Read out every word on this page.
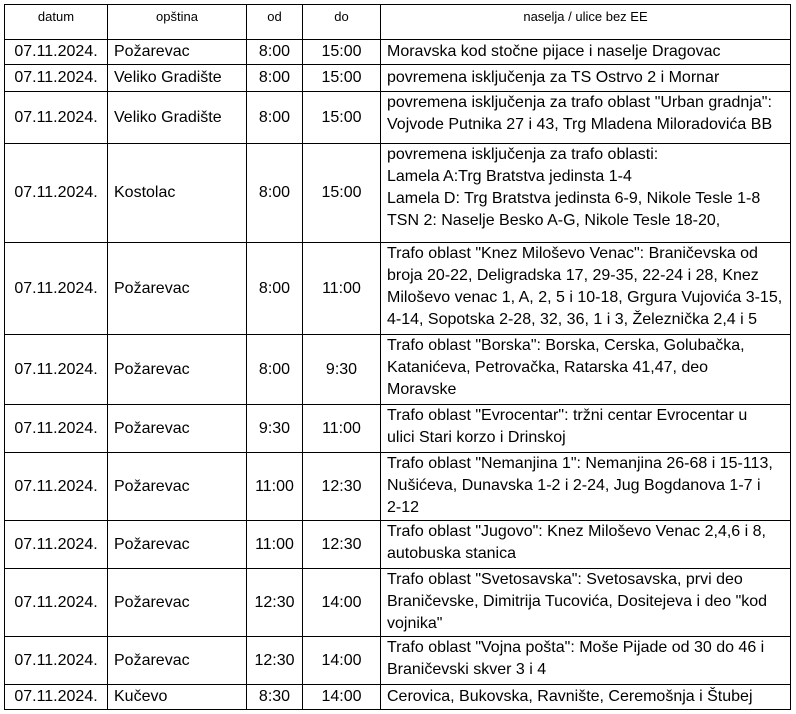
datum	opština	od	do	naselja / ulice bez EE
07.11.2024.	Požarevac	8:00	15:00	Moravska kod stočne pijace i naselje Dragovac

07.11.2024.	Veliko Gradište	8:00	15:00	povremena isključenja za TS Ostrvo 2 i Mornar

07.11.2024.	Veliko Gradište	8:00	15:00	povremena isključenja za trafo oblast "Urban gradnja":
Vojvode Putnika 27 i 43, Trg Mladena Miloradovića BB

07.11.2024.	Kostolac	8:00	15:00	povremena isključenja za trafo oblasti:
Lamela A:Trg Bratstva jedinsta 1-4
Lamela D: Trg Bratstva jedinsta 6-9, Nikole Tesle 1-8
TSN 2: Naselje Besko A-G, Nikole Tesle 18-20,

07.11.2024.	Požarevac	8:00	11:00	Trafo oblast "Knez Miloševo Venac": Braničevska od
broja 20-22, Deligradska 17, 29-35, 22-24 i 28, Knez
Miloševo venac 1, A, 2, 5 i 10-18, Grgura Vujovića 3-15,
4-14, Sopotska 2-28, 32, 36, 1 i 3, Železnička 2,4 i 5

07.11.2024.	Požarevac	8:00	9:30	Trafo oblast "Borska": Borska, Cerska, Golubačka,
Katanićeva, Petrovačka, Ratarska 41,47, deo
Moravske

07.11.2024.	Požarevac	9:30	11:00	Trafo oblast "Evrocentar": tržni centar Evrocentar u
ulici Stari korzo i Drinskoj

07.11.2024.	Požarevac	11:00	12:30	Trafo oblast "Nemanjina 1": Nemanjina 26-68 i 15-113,
Nušićeva, Dunavska 1-2 i 2-24, Jug Bogdanova 1-7 i
2-12

07.11.2024.	Požarevac	11:00	12:30	Trafo oblast "Jugovo": Knez Miloševo Venac 2,4,6 i 8,
autobuska stanica

07.11.2024.	Požarevac	12:30	14:00	Trafo oblast "Svetosavska": Svetosavska, prvi deo
Braničevske, Dimitrija Tucovića, Dositejeva i deo "kod
vojnika"

07.11.2024.	Požarevac	12:30	14:00	Trafo oblast "Vojna pošta": Moše Pijade od 30 do 46 i
Braničevski skver 3 i 4

07.11.2024.	Kučevo	8:30	14:00	Cerovica, Bukovska, Ravnište, Ceremošnja i Štubej
